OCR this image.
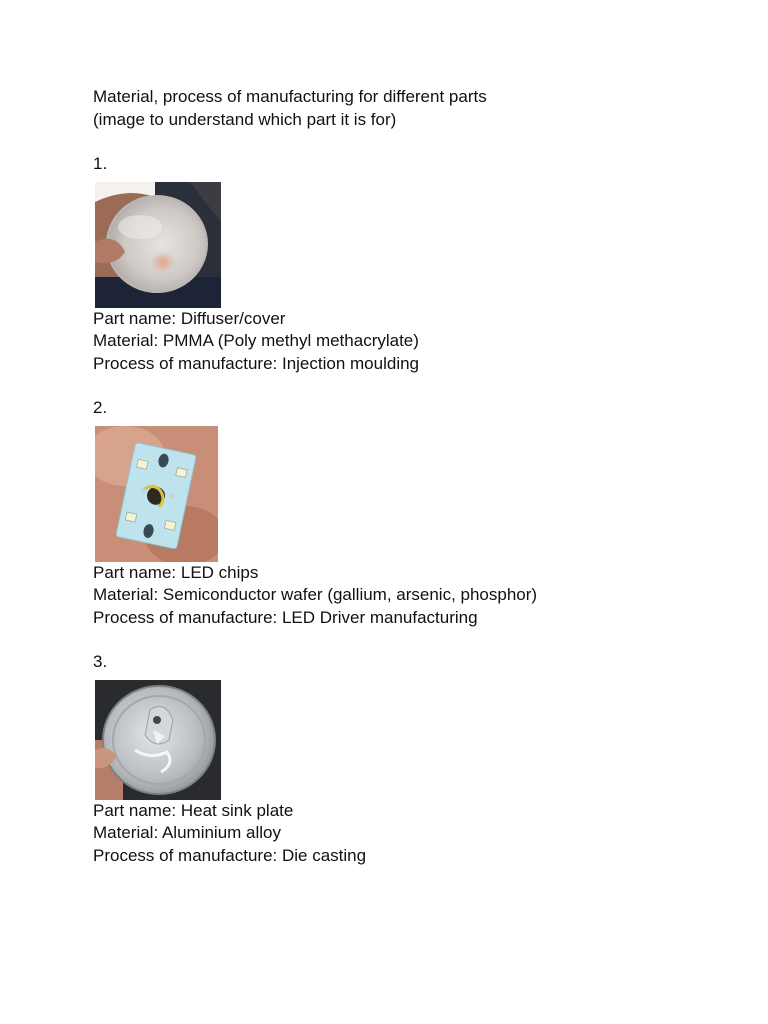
Material, process of manufacturing for different parts
(image to understand which part it is for)
1.
Part name: Diffuser/cover
Material: PMMA (Poly methyl methacrylate)
Process of manufacture: Injection moulding
2.
Part name: LED chips
Material: Semiconductor wafer (gallium, arsenic, phosphor)
Process of manufacture: LED Driver manufacturing
3.
Part name: Heat sink plate
Material: Aluminium alloy
Process of manufacture: Die casting
